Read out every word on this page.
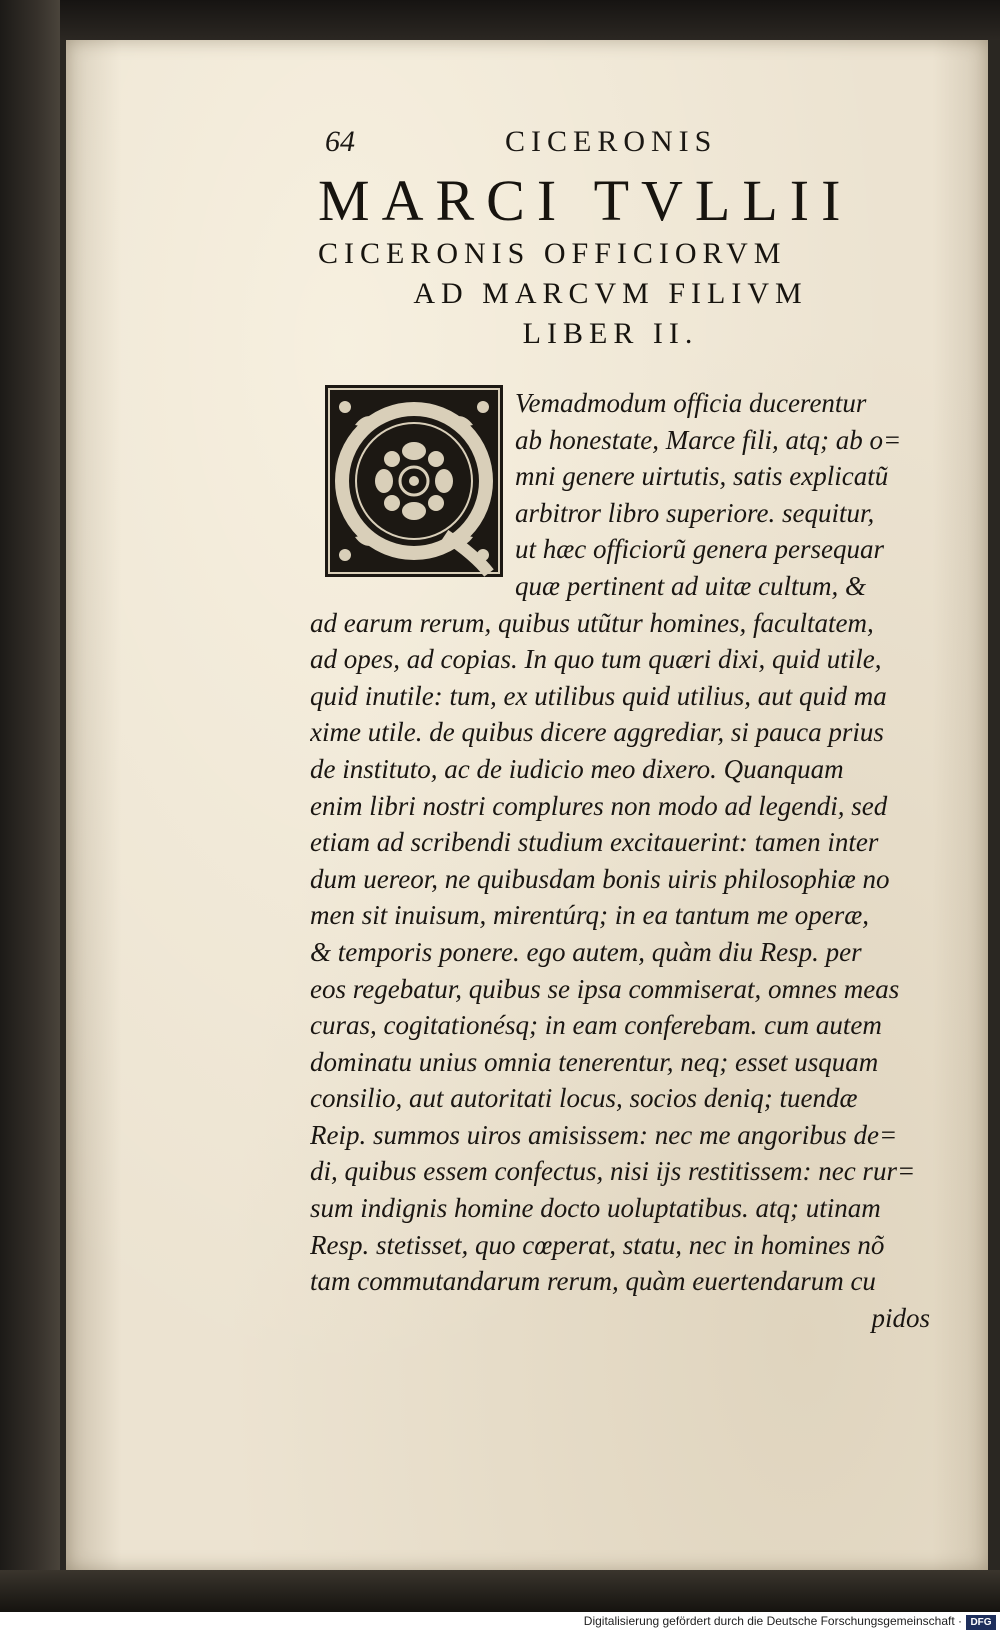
64	CICERONIS
MARCI TVLLII
CICERONIS OFFICIORVM
AD MARCVM FILIVM
LIBER II.
Vemadmodum officia ducerentur
ab honestate, Marce fili, atq; ab o=
mni genere uirtutis, satis explicatũ
arbitror libro superiore. sequitur,
ut hæc officiorũ genera persequar
quæ pertinent ad uitæ cultum, &
ad earum rerum, quibus utũtur homines, facultatem,
ad opes, ad copias. In quo tum quæri dixi, quid utile,
quid inutile: tum, ex utilibus quid utilius, aut quid ma
xime utile. de quibus dicere aggrediar, si pauca prius
de instituto, ac de iudicio meo dixero. Quanquam
enim libri nostri complures non modo ad legendi, sed
etiam ad scribendi studium excitauerint: tamen inter
dum uereor, ne quibusdam bonis uiris philosophiæ no
men sit inuisum, mirentúrq; in ea tantum me operæ,
& temporis ponere. ego autem, quàm diu Resp. per
eos regebatur, quibus se ipsa commiserat, omnes meas
curas, cogitationésq; in eam conferebam. cum autem
dominatu unius omnia tenerentur, neq; esset usquam
consilio, aut autoritati locus, socios deniq; tuendæ
Reip. summos uiros amisissem: nec me angoribus de=
di, quibus essem confectus, nisi ijs restitissem: nec rur=
sum indignis homine docto uoluptatibus. atq; utinam
Resp. stetisset, quo cœperat, statu, nec in homines nõ
tam commutandarum rerum, quàm euertendarum cu
pidos
Digitalisierung gefördert durch die Deutsche Forschungsgemeinschaft · DFG
